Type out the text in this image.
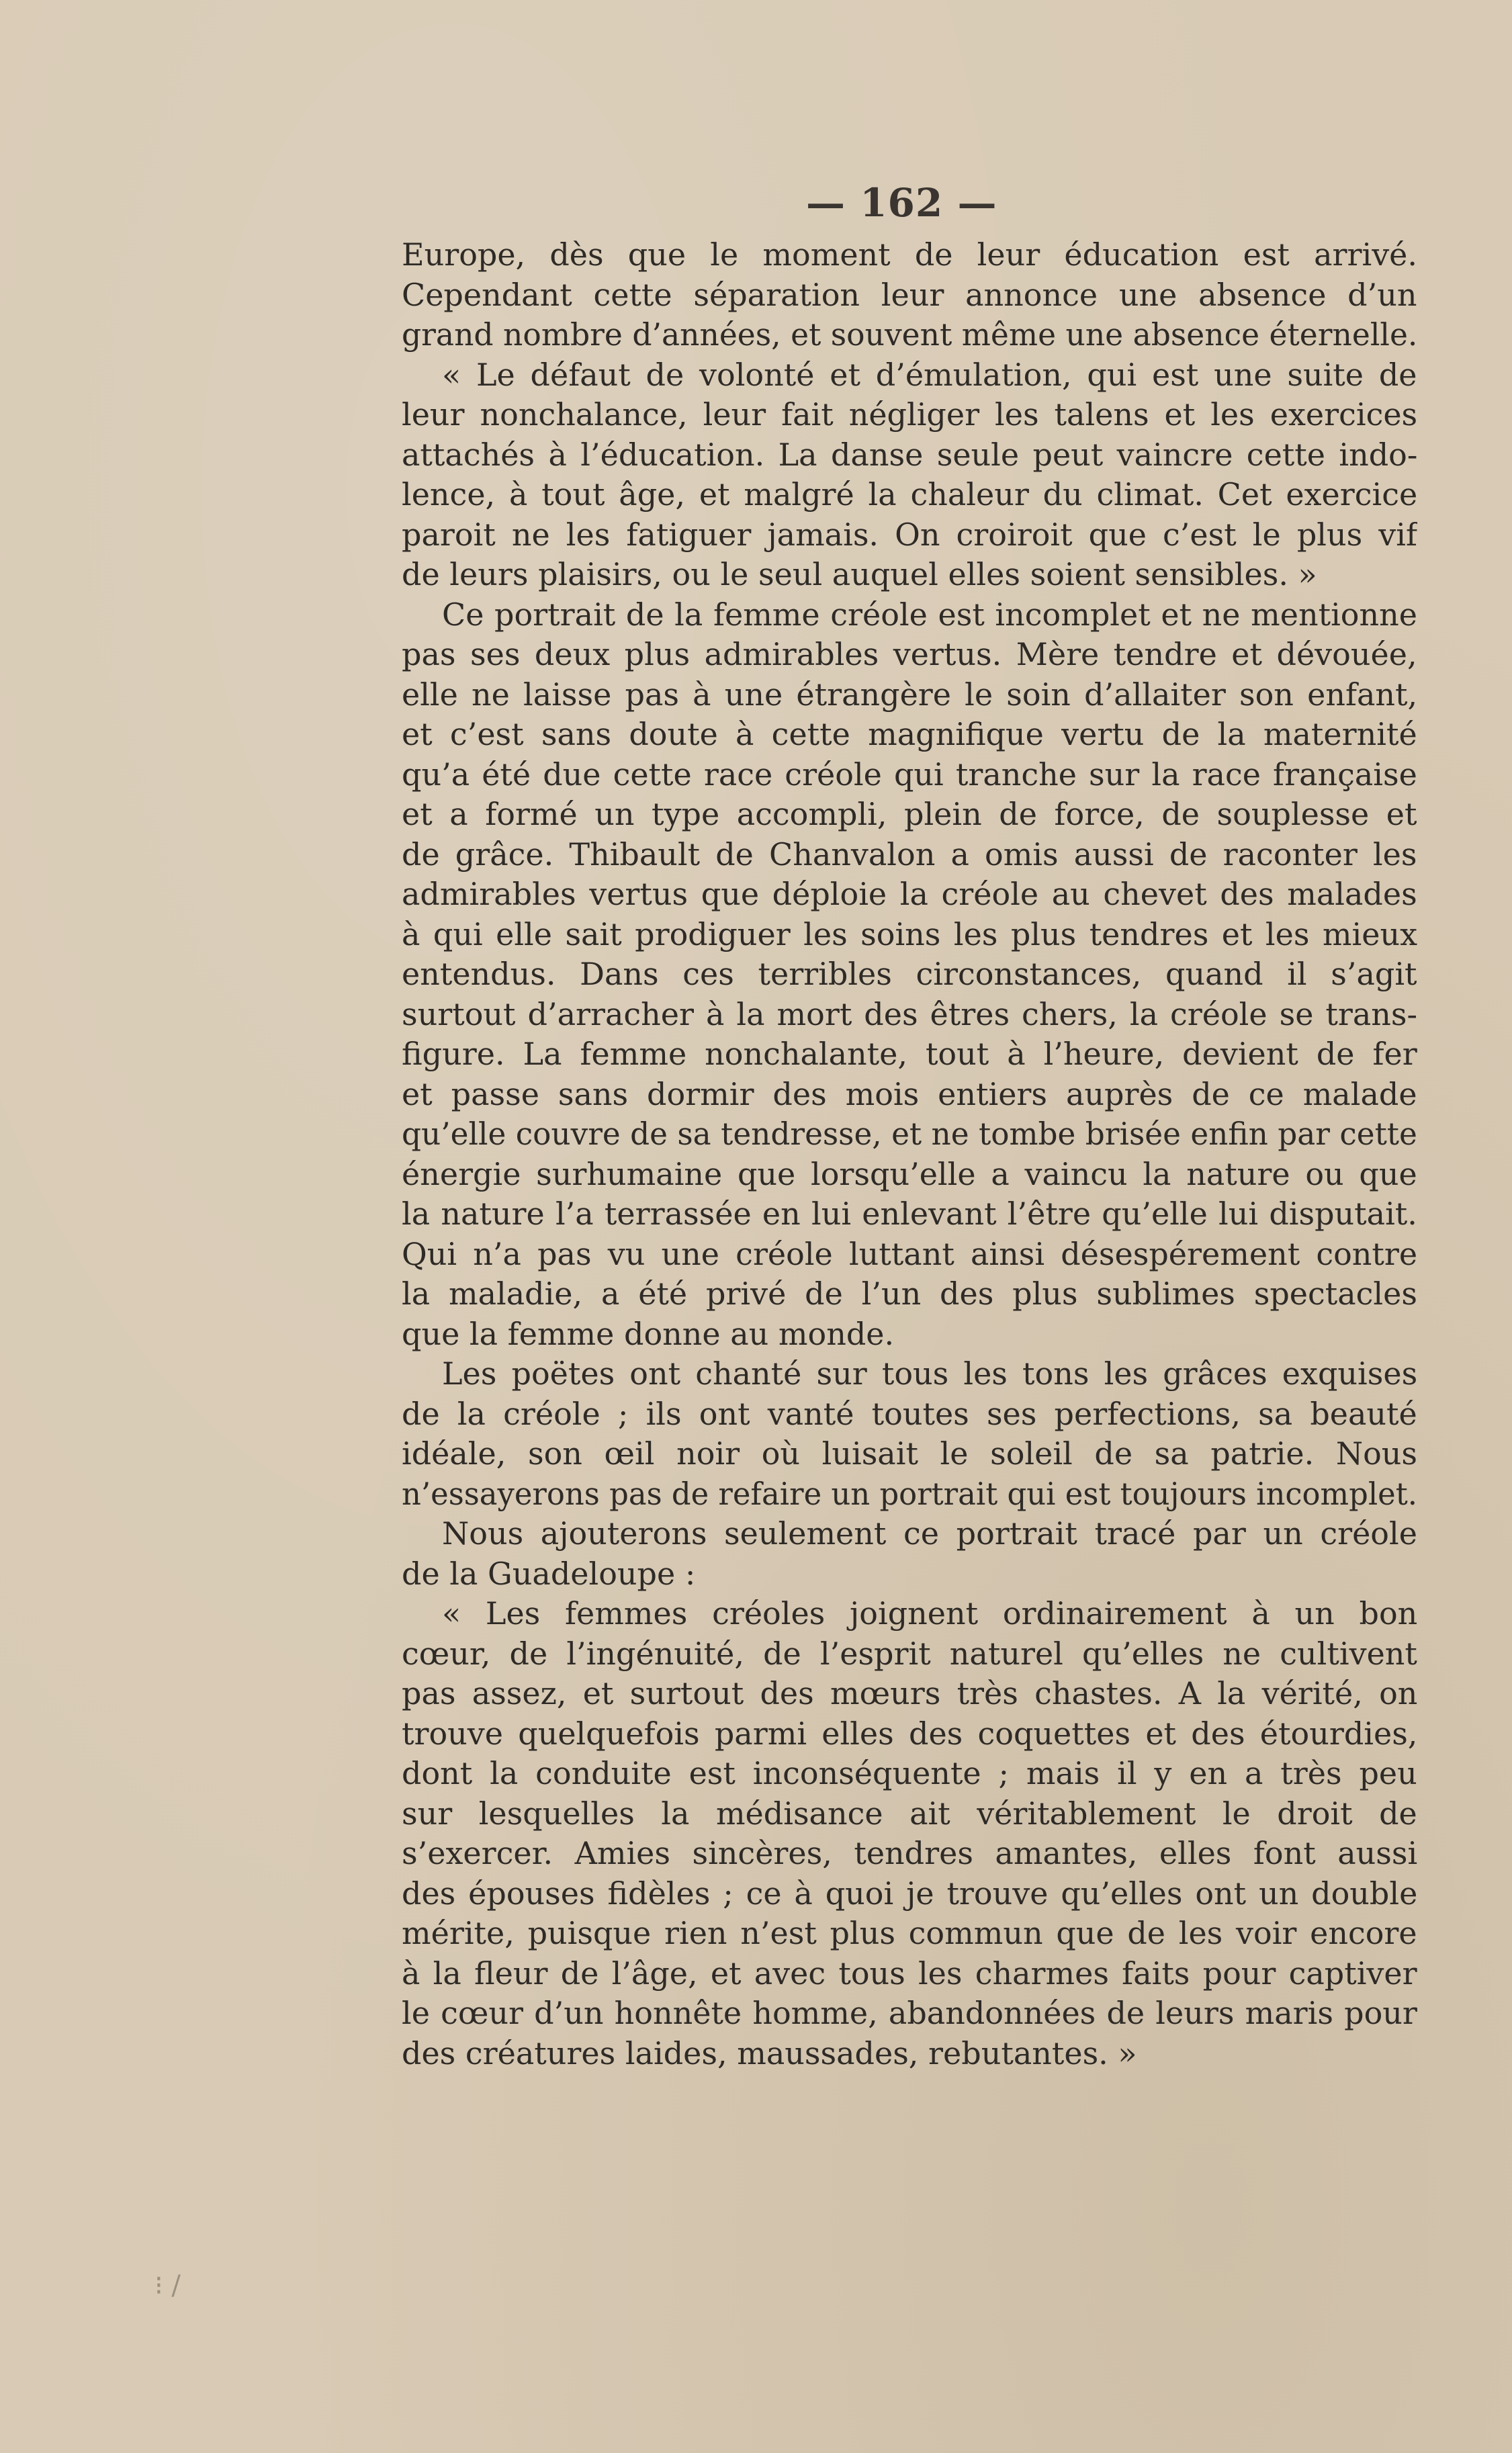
— 162 —
Europe, dès que le moment de leur éducation est arrivé.
Cependant cette séparation leur annonce une absence d’un
grand nombre d’années, et souvent même une absence éternelle.
« Le défaut de volonté et d’émulation, qui est une suite de
leur nonchalance, leur fait négliger les talens et les exercices
attachés à l’éducation. La danse seule peut vaincre cette indo-
lence, à tout âge, et malgré la chaleur du climat. Cet exercice
paroit ne les fatiguer jamais. On croiroit que c’est le plus vif
de leurs plaisirs, ou le seul auquel elles soient sensibles. »
Ce portrait de la femme créole est incomplet et ne mentionne
pas ses deux plus admirables vertus. Mère tendre et dévouée,
elle ne laisse pas à une étrangère le soin d’allaiter son enfant,
et c’est sans doute à cette magnifique vertu de la maternité
qu’a été due cette race créole qui tranche sur la race française
et a formé un type accompli, plein de force, de souplesse et
de grâce. Thibault de Chanvalon a omis aussi de raconter les
admirables vertus que déploie la créole au chevet des malades
à qui elle sait prodiguer les soins les plus tendres et les mieux
entendus. Dans ces terribles circonstances, quand il s’agit
surtout d’arracher à la mort des êtres chers, la créole se trans-
figure. La femme nonchalante, tout à l’heure, devient de fer
et passe sans dormir des mois entiers auprès de ce malade
qu’elle couvre de sa tendresse, et ne tombe brisée enfin par cette
énergie surhumaine que lorsqu’elle a vaincu la nature ou que
la nature l’a terrassée en lui enlevant l’être qu’elle lui disputait.
Qui n’a pas vu une créole luttant ainsi désespérement contre
la maladie, a été privé de l’un des plus sublimes spectacles
que la femme donne au monde.
Les poëtes ont chanté sur tous les tons les grâces exquises
de la créole ; ils ont vanté toutes ses perfections, sa beauté
idéale, son œil noir où luisait le soleil de sa patrie. Nous
n’essayerons pas de refaire un portrait qui est toujours incomplet.
Nous ajouterons seulement ce portrait tracé par un créole
de la Guadeloupe :
« Les femmes créoles joignent ordinairement à un bon
cœur, de l’ingénuité, de l’esprit naturel qu’elles ne cultivent
pas assez, et surtout des mœurs très chastes. A la vérité, on
trouve quelquefois parmi elles des coquettes et des étourdies,
dont la conduite est inconséquente ; mais il y en a très peu
sur lesquelles la médisance ait véritablement le droit de
s’exercer. Amies sincères, tendres amantes, elles font aussi
des épouses fidèles ; ce à quoi je trouve qu’elles ont un double
mérite, puisque rien n’est plus commun que de les voir encore
à la fleur de l’âge, et avec tous les charmes faits pour captiver
le cœur d’un honnête homme, abandonnées de leurs maris pour
des créatures laides, maussades, rebutantes. »
⁝ /
